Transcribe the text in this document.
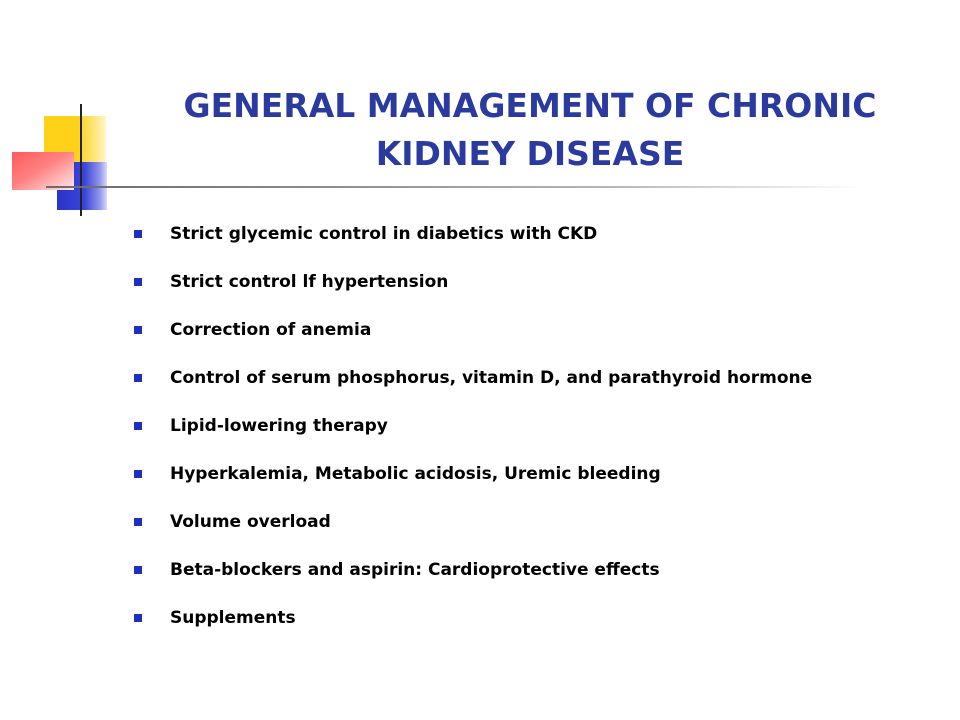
GENERAL MANAGEMENT OF CHRONIC
KIDNEY DISEASE
Strict glycemic control in diabetics with CKD
Strict control lf hypertension
Correction of anemia
Control of serum phosphorus, vitamin D, and parathyroid hormone
Lipid-lowering therapy
Hyperkalemia, Metabolic acidosis, Uremic bleeding
Volume overload
Beta-blockers and aspirin: Cardioprotective effects
Supplements
